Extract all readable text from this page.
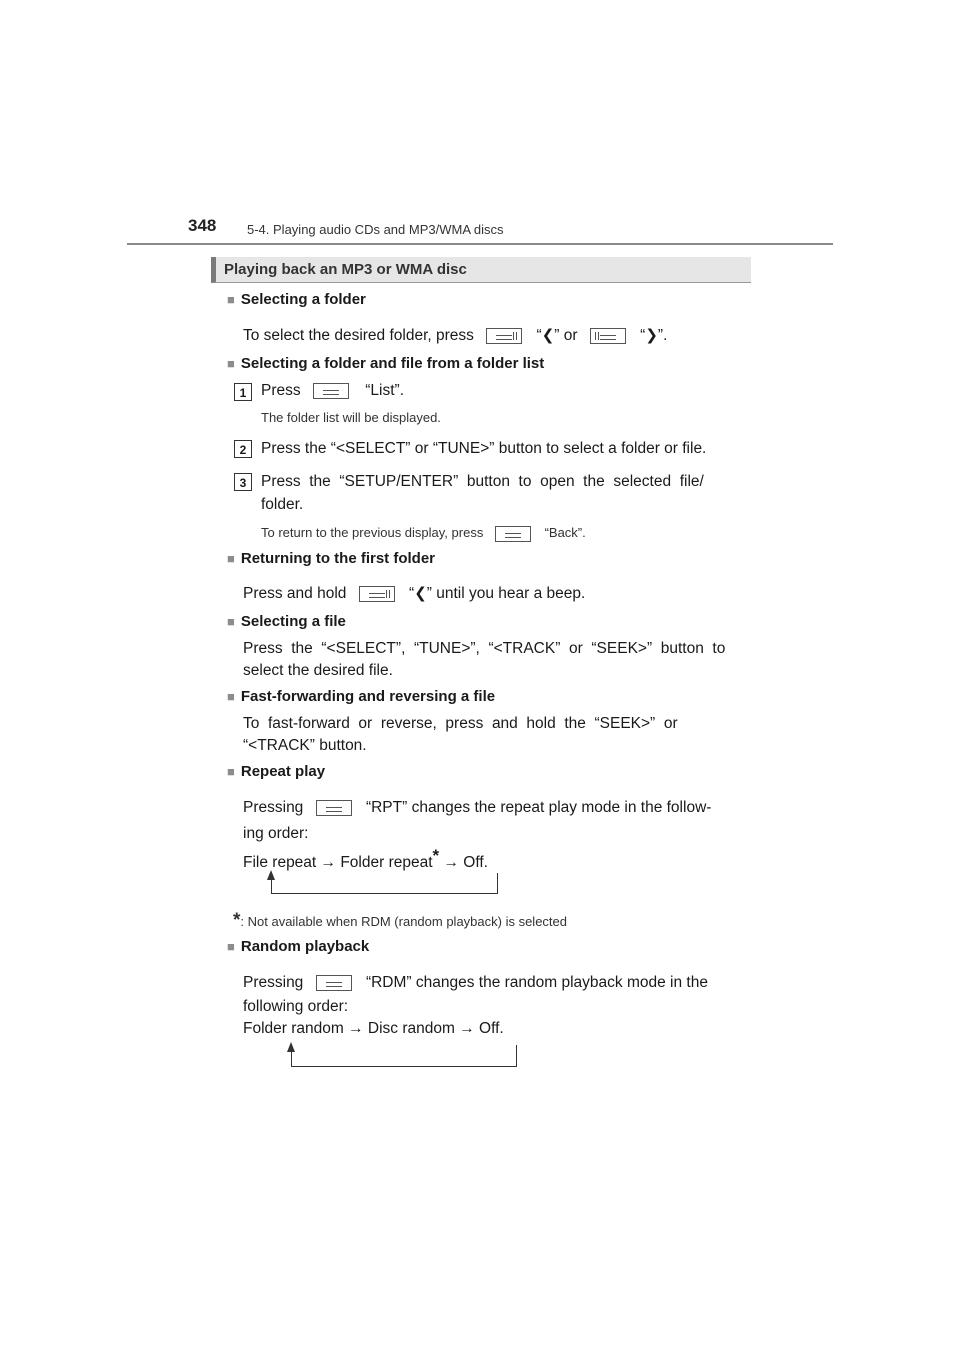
348 5-4. Playing audio CDs and MP3/WMA discs
Playing back an MP3 or WMA disc
■ Selecting a folder
To select the desired folder, press	“❮” or	“❯”.
■ Selecting a folder and file from a folder list
1 Press	“List”.
The folder list will be displayed.
2 Press the “<SELECT” or “TUNE>” button to select a folder or file.
3 Press  the  “SETUP/ENTER”  button  to  open  the  selected  file/
folder.
To return to the previous display, press	“Back”.
■ Returning to the first folder
Press and hold	“❮” until you hear a beep.
■ Selecting a file
Press  the  “<SELECT”,  “TUNE>”,  “<TRACK”  or  “SEEK>”  button  to
select the desired file.
■ Fast-forwarding and reversing a file
To  fast-forward  or  reverse,  press  and  hold  the  “SEEK>”  or
“<TRACK” button.
■ Repeat play
Pressing	“RPT” changes the repeat play mode in the follow-
ing order:
File repeat → Folder repeat* → Off.
*: Not available when RDM (random playback) is selected
■ Random playback
Pressing	“RDM” changes the random playback mode in the
following order:
Folder random → Disc random → Off.
